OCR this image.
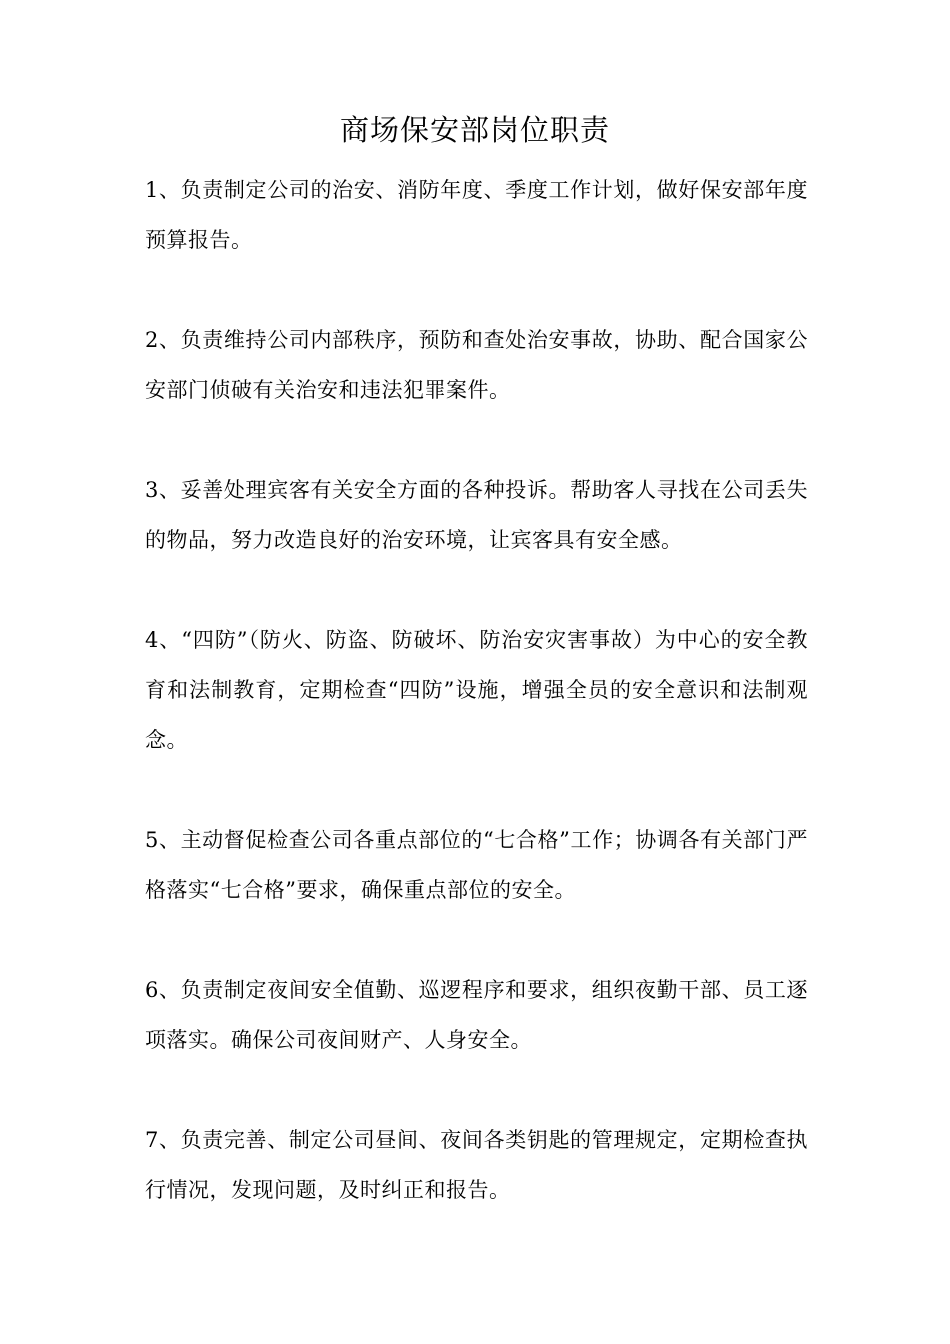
商场保安部岗位职责

1、负责制定公司的治安、消防年度、季度工作计划，做好保安部年度预算报告。

2、负责维持公司内部秩序，预防和查处治安事故，协助、配合国家公安部门侦破有关治安和违法犯罪案件。

3、妥善处理宾客有关安全方面的各种投诉。帮助客人寻找在公司丢失的物品，努力改造良好的治安环境，让宾客具有安全感。

4、“四防”（防火、防盗、防破坏、防治安灾害事故）为中心的安全教育和法制教育，定期检查“四防”设施，增强全员的安全意识和法制观念。

5、主动督促检查公司各重点部位的“七合格”工作；协调各有关部门严格落实“七合格”要求，确保重点部位的安全。

6、负责制定夜间安全值勤、巡逻程序和要求，组织夜勤干部、员工逐项落实。确保公司夜间财产、人身安全。

7、负责完善、制定公司昼间、夜间各类钥匙的管理规定，定期检查执行情况，发现问题，及时纠正和报告。
